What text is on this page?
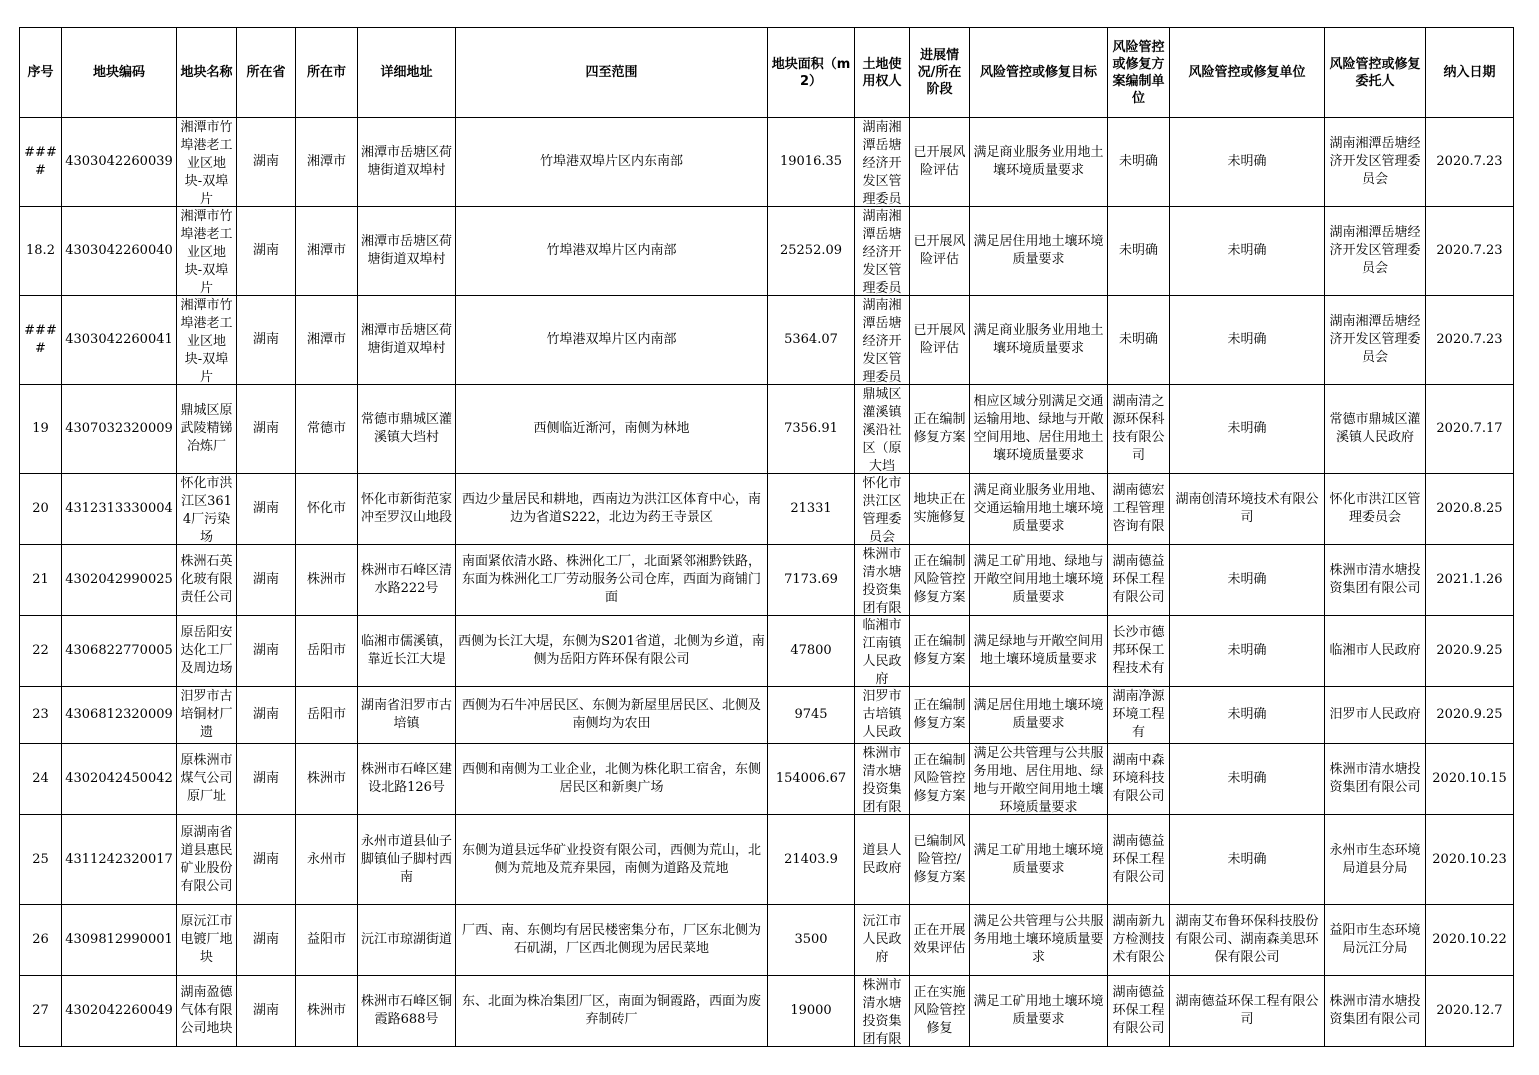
序号	地块编码	地块名称	所在省	所在市	详细地址	四至范围	地块面积（m2）	土地使用权人	进展情况/所在阶段	风险管控或修复目标	风险管控或修复方案编制单位	风险管控或修复单位	风险管控或修复委托人	纳入日期

####	4303042260039	湘潭市竹埠港老工业区地块-双埠片	湖南	湘潭市	湘潭市岳塘区荷塘街道双埠村	竹埠港双埠片区内东南部	19016.35	湖南湘潭岳塘经济开发区管理委员	已开展风险评估	满足商业服务业用地土壤环境质量要求	未明确	未明确	湖南湘潭岳塘经济开发区管理委员会	2020.7.23

18.2	4303042260040	湘潭市竹埠港老工业区地块-双埠片	湖南	湘潭市	湘潭市岳塘区荷塘街道双埠村	竹埠港双埠片区内南部	25252.09	湖南湘潭岳塘经济开发区管理委员	已开展风险评估	满足居住用地土壤环境质量要求	未明确	未明确	湖南湘潭岳塘经济开发区管理委员会	2020.7.23

####	4303042260041	湘潭市竹埠港老工业区地块-双埠片	湖南	湘潭市	湘潭市岳塘区荷塘街道双埠村	竹埠港双埠片区内南部	5364.07	湖南湘潭岳塘经济开发区管理委员	已开展风险评估	满足商业服务业用地土壤环境质量要求	未明确	未明确	湖南湘潭岳塘经济开发区管理委员会	2020.7.23

19	4307032320009	鼎城区原武陵精锑冶炼厂	湖南	常德市	常德市鼎城区灌溪镇大垱村	西侧临近渐河，南侧为林地	7356.91	鼎城区灌溪镇溪沿社区（原大垱	正在编制修复方案	相应区域分别满足交通运输用地、绿地与开敞空间用地、居住用地土壤环境质量要求	湖南清之源环保科技有限公司	未明确	常德市鼎城区灌溪镇人民政府	2020.7.17

20	4312313330004	怀化市洪江区3614厂污染场	湖南	怀化市	怀化市新街范家冲至罗汉山地段	西边少量居民和耕地，西南边为洪江区体育中心，南边为省道S222，北边为药王寺景区	21331	怀化市洪江区管理委员会	地块正在实施修复	满足商业服务业用地、交通运输用地土壤环境质量要求	湖南德宏工程管理咨询有限	湖南创清环境技术有限公司	怀化市洪江区管理委员会	2020.8.25

21	4302042990025	株洲石英化玻有限责任公司	湖南	株洲市	株洲市石峰区清水路222号	南面紧依清水路、株洲化工厂，北面紧邻湘黔铁路，东面为株洲化工厂劳动服务公司仓库，西面为商铺门面	7173.69	株洲市清水塘投资集团有限	正在编制风险管控修复方案	满足工矿用地、绿地与开敞空间用地土壤环境质量要求	湖南德益环保工程有限公司	未明确	株洲市清水塘投资集团有限公司	2021.1.26

22	4306822770005	原岳阳安达化工厂及周边场	湖南	岳阳市	临湘市儒溪镇，靠近长江大堤	西侧为长江大堤，东侧为S201省道，北侧为乡道，南侧为岳阳方阵环保有限公司	47800	临湘市江南镇人民政府	正在编制修复方案	满足绿地与开敞空间用地土壤环境质量要求	长沙市德邦环保工程技术有	未明确	临湘市人民政府	2020.9.25

23	4306812320009	汨罗市古培铜材厂遗	湖南	岳阳市	湖南省汨罗市古培镇	西侧为石牛冲居民区、东侧为新屋里居民区、北侧及南侧均为农田	9745	汨罗市古培镇人民政	正在编制修复方案	满足居住用地土壤环境质量要求	湖南净源环境工程有	未明确	汨罗市人民政府	2020.9.25

24	4302042450042	原株洲市煤气公司原厂址	湖南	株洲市	株洲市石峰区建设北路126号	西侧和南侧为工业企业，北侧为株化职工宿舍，东侧居民区和新奥广场	154006.67	株洲市清水塘投资集团有限	正在编制风险管控修复方案	满足公共管理与公共服务用地、居住用地、绿地与开敞空间用地土壤环境质量要求	湖南中森环境科技有限公司	未明确	株洲市清水塘投资集团有限公司	2020.10.15

25	4311242320017	原湖南省道县惠民矿业股份有限公司	湖南	永州市	永州市道县仙子脚镇仙子脚村西南	东侧为道县远华矿业投资有限公司，西侧为荒山，北侧为荒地及荒弃果园，南侧为道路及荒地	21403.9	道县人民政府	已编制风险管控/修复方案	满足工矿用地土壤环境质量要求	湖南德益环保工程有限公司	未明确	永州市生态环境局道县分局	2020.10.23

26	4309812990001	原沅江市电镀厂地块	湖南	益阳市	沅江市琼湖街道	厂西、南、东侧均有居民楼密集分布，厂区东北侧为石矶湖，厂区西北侧现为居民菜地	3500	沅江市人民政府	正在开展效果评估	满足公共管理与公共服务用地土壤环境质量要求	湖南新九方检测技术有限公	湖南艾布鲁环保科技股份有限公司、湖南森美思环保有限公司	益阳市生态环境局沅江分局	2020.10.22

27	4302042260049	湖南盈德气体有限公司地块	湖南	株洲市	株洲市石峰区铜霞路688号	东、北面为株冶集团厂区，南面为铜霞路，西面为废弃制砖厂	19000	株洲市清水塘投资集团有限	正在实施风险管控修复	满足工矿用地土壤环境质量要求	湖南德益环保工程有限公司	湖南德益环保工程有限公司	株洲市清水塘投资集团有限公司	2020.12.7
